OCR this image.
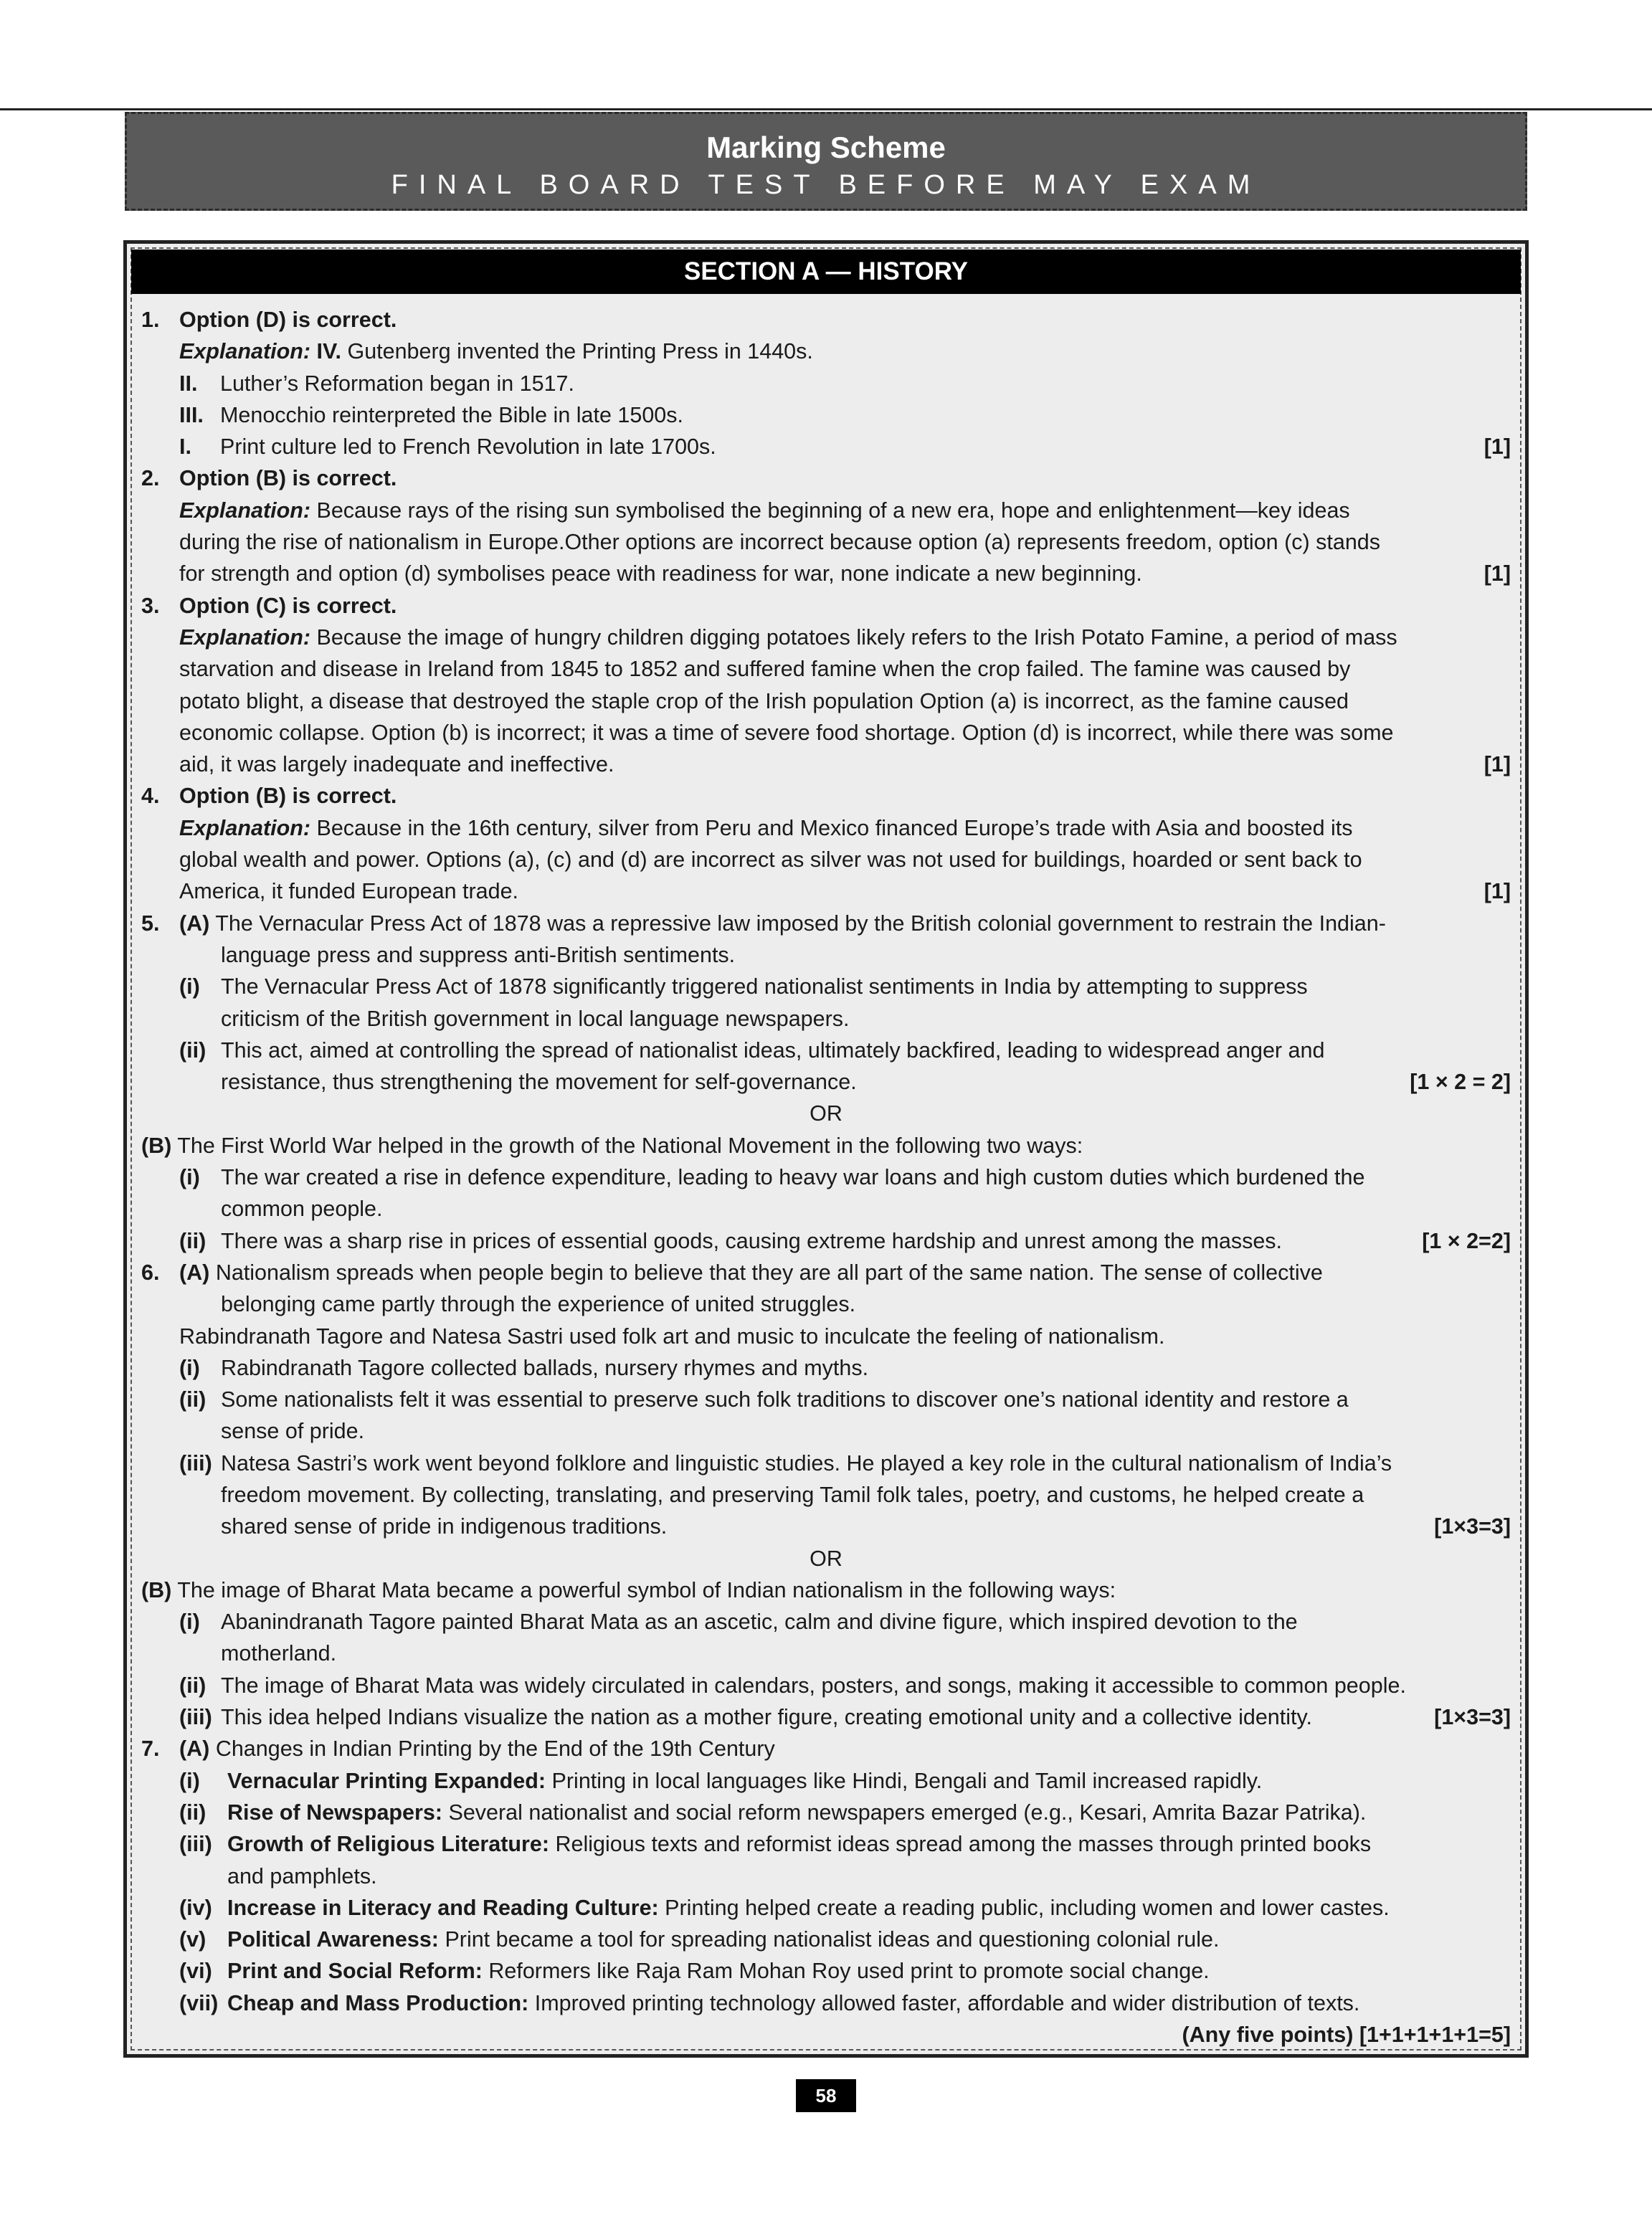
Marking Scheme
FINAL BOARD TEST BEFORE MAY EXAM
SECTION A — HISTORY
1. Option (D) is correct.
Explanation: IV. Gutenberg invented the Printing Press in 1440s.
II. Luther’s Reformation began in 1517.
III. Menocchio reinterpreted the Bible in late 1500s.
I. Print culture led to French Revolution in late 1700s.	[1]
2. Option (B) is correct.
Explanation: Because rays of the rising sun symbolised the beginning of a new era, hope and enlightenment—key ideas
during the rise of nationalism in Europe.Other options are incorrect because option (a) represents freedom, option (c) stands
for strength and option (d) symbolises peace with readiness for war, none indicate a new beginning.	[1]
3. Option (C) is correct.
Explanation: Because the image of hungry children digging potatoes likely refers to the Irish Potato Famine, a period of mass
starvation and disease in Ireland from 1845 to 1852 and suffered famine when the crop failed. The famine was caused by
potato blight, a disease that destroyed the staple crop of the Irish population Option (a) is incorrect, as the famine caused
economic collapse. Option (b) is incorrect; it was a time of severe food shortage. Option (d) is incorrect, while there was some
aid, it was largely inadequate and ineffective.	[1]
4. Option (B) is correct.
Explanation: Because in the 16th century, silver from Peru and Mexico financed Europe’s trade with Asia and boosted its
global wealth and power. Options (a), (c) and (d) are incorrect as silver was not used for buildings, hoarded or sent back to
America, it funded European trade.	[1]
5. (A) The Vernacular Press Act of 1878 was a repressive law imposed by the British colonial government to restrain the Indian-
language press and suppress anti-British sentiments.
(i) The Vernacular Press Act of 1878 significantly triggered nationalist sentiments in India by attempting to suppress
criticism of the British government in local language newspapers.
(ii) This act, aimed at controlling the spread of nationalist ideas, ultimately backfired, leading to widespread anger and
resistance, thus strengthening the movement for self-governance.	[1 × 2 = 2]
OR
(B) The First World War helped in the growth of the National Movement in the following two ways:
(i) The war created a rise in defence expenditure, leading to heavy war loans and high custom duties which burdened the
common people.
(ii) There was a sharp rise in prices of essential goods, causing extreme hardship and unrest among the masses.	[1 × 2=2]
6. (A) Nationalism spreads when people begin to believe that they are all part of the same nation. The sense of collective
belonging came partly through the experience of united struggles.
Rabindranath Tagore and Natesa Sastri used folk art and music to inculcate the feeling of nationalism.
(i) Rabindranath Tagore collected ballads, nursery rhymes and myths.
(ii) Some nationalists felt it was essential to preserve such folk traditions to discover one’s national identity and restore a
sense of pride.
(iii) Natesa Sastri’s work went beyond folklore and linguistic studies. He played a key role in the cultural nationalism of India’s
freedom movement. By collecting, translating, and preserving Tamil folk tales, poetry, and customs, he helped create a
shared sense of pride in indigenous traditions.	[1×3=3]
OR
(B) The image of Bharat Mata became a powerful symbol of Indian nationalism in the following ways:
(i) Abanindranath Tagore painted Bharat Mata as an ascetic, calm and divine figure, which inspired devotion to the
motherland.
(ii) The image of Bharat Mata was widely circulated in calendars, posters, and songs, making it accessible to common people.
(iii) This idea helped Indians visualize the nation as a mother figure, creating emotional unity and a collective identity.	[1×3=3]
7. (A) Changes in Indian Printing by the End of the 19th Century
(i) Vernacular Printing Expanded: Printing in local languages like Hindi, Bengali and Tamil increased rapidly.
(ii) Rise of Newspapers: Several nationalist and social reform newspapers emerged (e.g., Kesari, Amrita Bazar Patrika).
(iii) Growth of Religious Literature: Religious texts and reformist ideas spread among the masses through printed books
and pamphlets.
(iv) Increase in Literacy and Reading Culture: Printing helped create a reading public, including women and lower castes.
(v) Political Awareness: Print became a tool for spreading nationalist ideas and questioning colonial rule.
(vi) Print and Social Reform: Reformers like Raja Ram Mohan Roy used print to promote social change.
(vii) Cheap and Mass Production: Improved printing technology allowed faster, affordable and wider distribution of texts.
(Any five points) [1+1+1+1+1=5]
58
